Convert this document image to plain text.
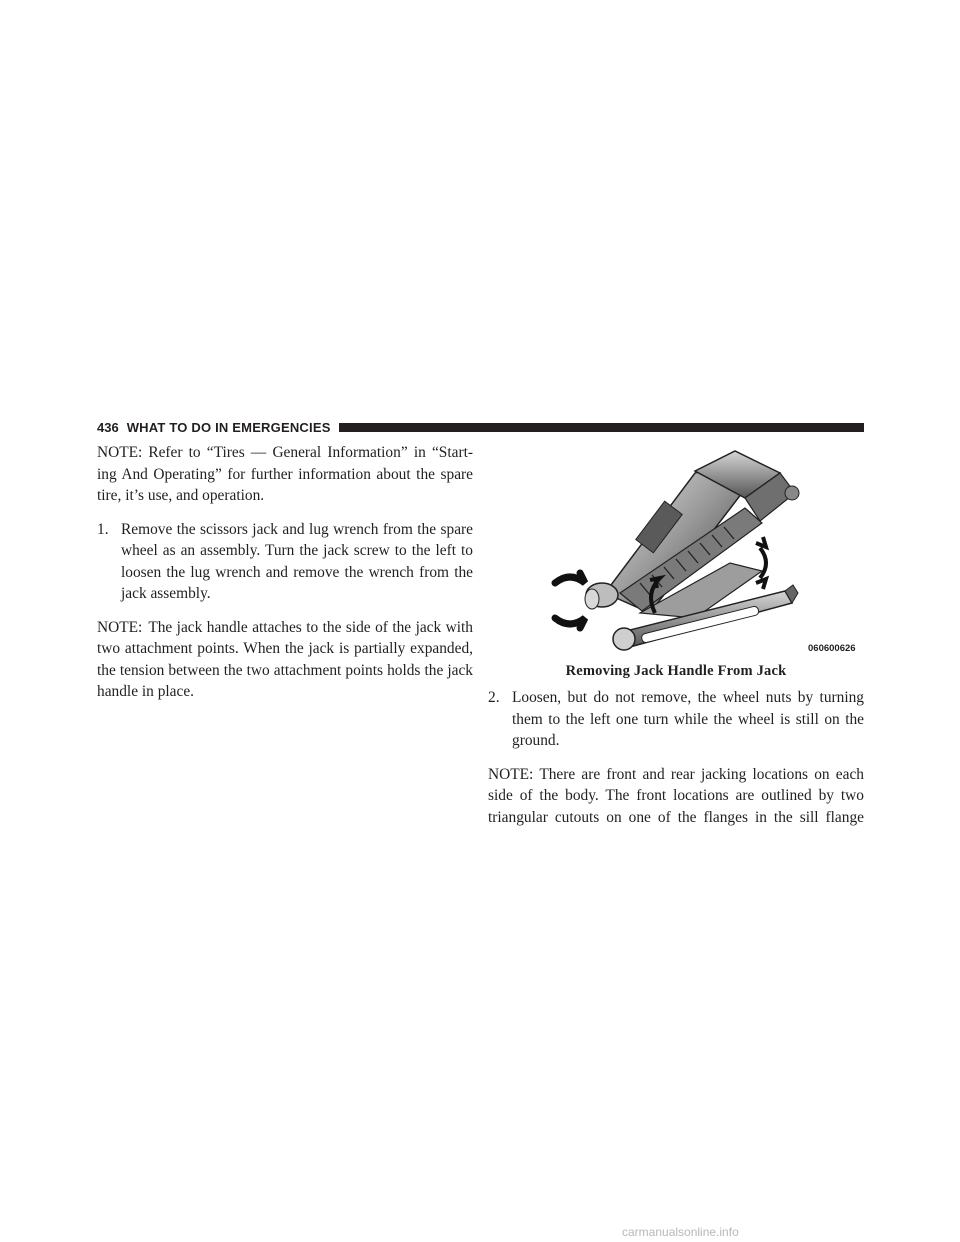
436 WHAT TO DO IN EMERGENCIES

NOTE: Refer to “Tires — General Information” in “Start-ing And Operating” for further information about the spare tire, it’s use, and operation.

1. Remove the scissors jack and lug wrench from the spare wheel as an assembly. Turn the jack screw to the left to loosen the lug wrench and remove the wrench from the jack assembly.

NOTE: The jack handle attaches to the side of the jack with two attachment points. When the jack is partially expanded, the tension between the two attachment points holds the jack handle in place.

060600626
Removing Jack Handle From Jack
2. Loosen, but do not remove, the wheel nuts by turning them to the left one turn while the wheel is still on the ground.

NOTE: There are front and rear jacking locations on each side of the body. The front locations are outlined by two triangular cutouts on one of the flanges in the sill flange

carmanualsonline.info
